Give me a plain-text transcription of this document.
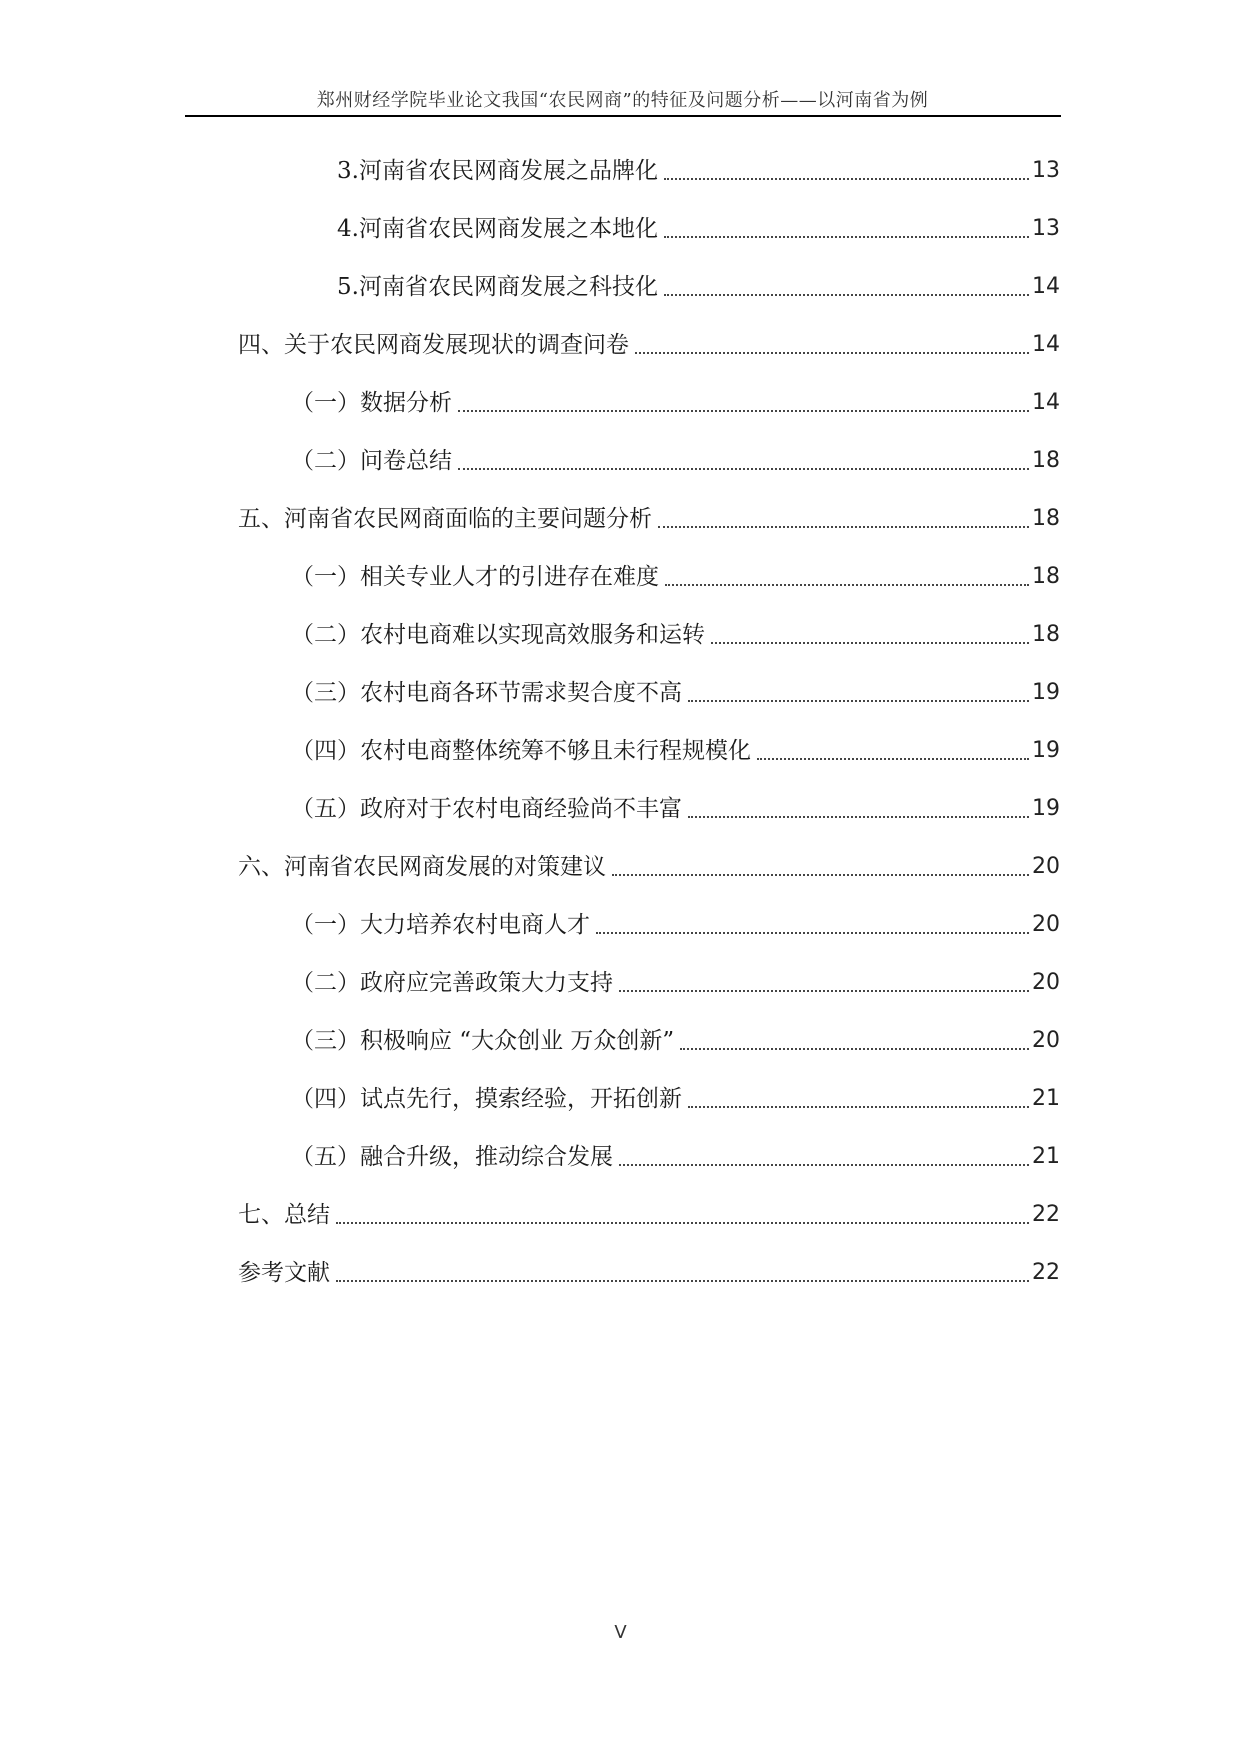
郑州财经学院毕业论文我国“农民网商”的特征及问题分析——以河南省为例
3.河南省农民网商发展之品牌化	13
4.河南省农民网商发展之本地化	13
5.河南省农民网商发展之科技化	14
四、关于农民网商发展现状的调查问卷	14
（一）数据分析	14
（二）问卷总结	18
五、河南省农民网商面临的主要问题分析	18
（一）相关专业人才的引进存在难度	18
（二）农村电商难以实现高效服务和运转	18
（三）农村电商各环节需求契合度不高	19
（四）农村电商整体统筹不够且未行程规模化	19
（五）政府对于农村电商经验尚不丰富	19
六、河南省农民网商发展的对策建议	20
（一）大力培养农村电商人才	20
（二）政府应完善政策大力支持	20
（三）积极响应 “大众创业 万众创新”	20
（四）试点先行，摸索经验，开拓创新	21
（五）融合升级，推动综合发展	21
七、总结	22
参考文献	22
V
